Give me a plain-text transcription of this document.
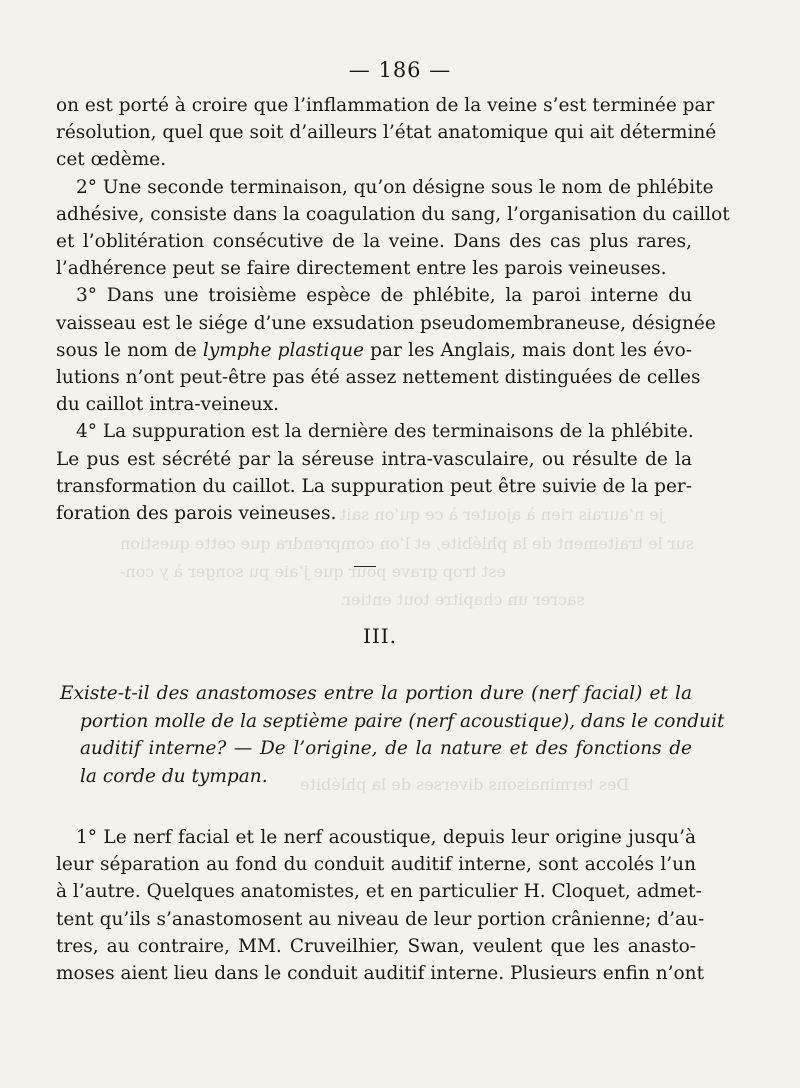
je n’aurais rien à ajouter à ce qu’on sait
sur le traitement de la phlébite, et l’on comprendra que cette question
est trop grave pour que j’aie pu songer à y con-
sacrer un chapitre tout entier.
Des terminaisons diverses de la phlébite
— 186 —
on est porté à croire que l’inflammation de la veine s’est terminée par
résolution, quel que soit d’ailleurs l’état anatomique qui ait déterminé
cet œdème.
2° Une seconde terminaison, qu’on désigne sous le nom de phlébite
adhésive, consiste dans la coagulation du sang, l’organisation du caillot
et l’oblitération consécutive de la veine. Dans des cas plus rares,
l’adhérence peut se faire directement entre les parois veineuses.
3° Dans une troisième espèce de phlébite, la paroi interne du
vaisseau est le siége d’une exsudation pseudomembraneuse, désignée
sous le nom de lymphe plastique par les Anglais, mais dont les évo-
lutions n’ont peut-être pas été assez nettement distinguées de celles
du caillot intra-veineux.
4° La suppuration est la dernière des terminaisons de la phlébite.
Le pus est sécrété par la séreuse intra-vasculaire, ou résulte de la
transformation du caillot. La suppuration peut être suivie de la per-
foration des parois veineuses.
III.
Existe-t-il des anastomoses entre la portion dure (nerf facial) et la
portion molle de la septième paire (nerf acoustique), dans le conduit
auditif interne? — De l’origine, de la nature et des fonctions de
la corde du tympan.
1° Le nerf facial et le nerf acoustique, depuis leur origine jusqu’à
leur séparation au fond du conduit auditif interne, sont accolés l’un
à l’autre. Quelques anatomistes, et en particulier H. Cloquet, admet-
tent qu’ils s’anastomosent au niveau de leur portion crânienne; d’au-
tres, au contraire, MM. Cruveilhier, Swan, veulent que les anasto-
moses aient lieu dans le conduit auditif interne. Plusieurs enfin n’ont
